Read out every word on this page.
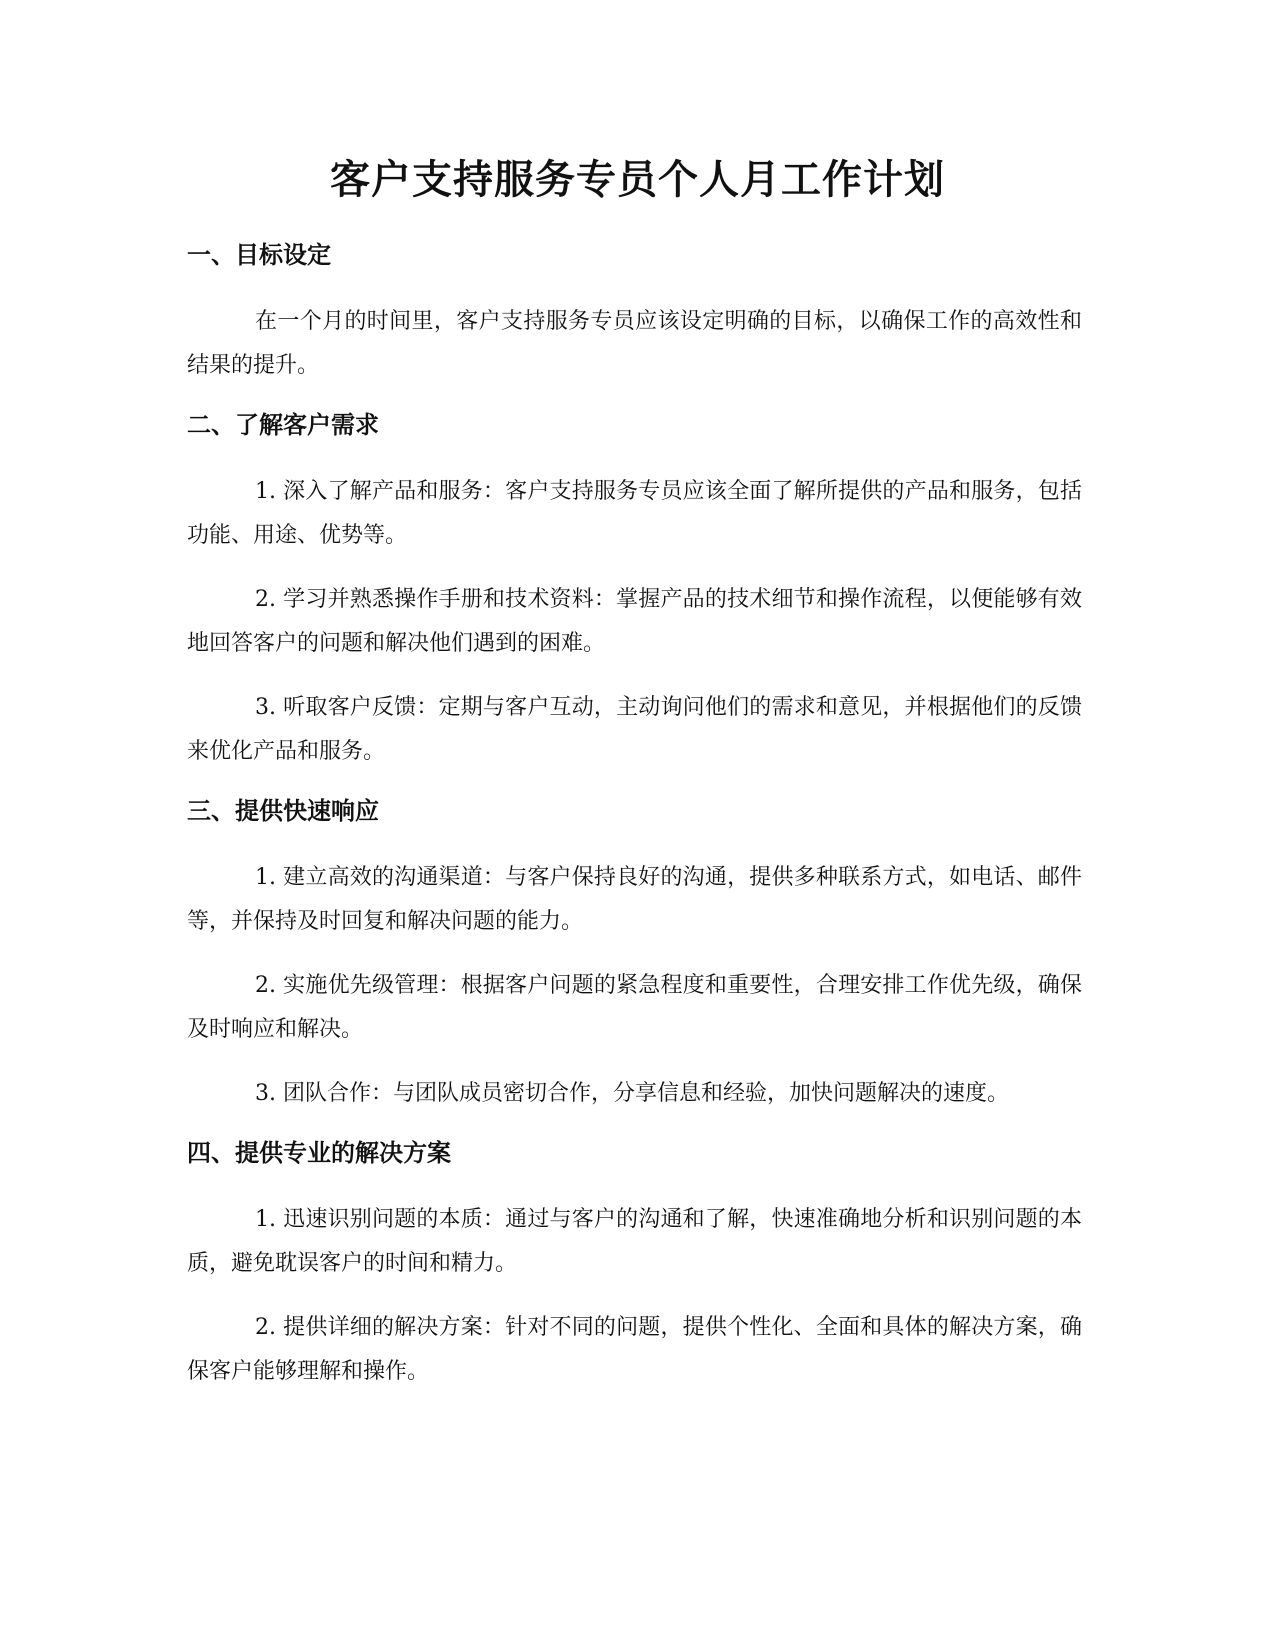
客户支持服务专员个人月工作计划
一、目标设定

在一个月的时间里，客户支持服务专员应该设定明确的目标，以确保工作的高效性和结果的提升。

二、了解客户需求

1. 深入了解产品和服务：客户支持服务专员应该全面了解所提供的产品和服务，包括功能、用途、优势等。

2. 学习并熟悉操作手册和技术资料：掌握产品的技术细节和操作流程，以便能够有效地回答客户的问题和解决他们遇到的困难。

3. 听取客户反馈：定期与客户互动，主动询问他们的需求和意见，并根据他们的反馈来优化产品和服务。

三、提供快速响应

1. 建立高效的沟通渠道：与客户保持良好的沟通，提供多种联系方式，如电话、邮件等，并保持及时回复和解决问题的能力。

2. 实施优先级管理：根据客户问题的紧急程度和重要性，合理安排工作优先级，确保及时响应和解决。

3. 团队合作：与团队成员密切合作，分享信息和经验，加快问题解决的速度。

四、提供专业的解决方案

1. 迅速识别问题的本质：通过与客户的沟通和了解，快速准确地分析和识别问题的本质，避免耽误客户的时间和精力。

2. 提供详细的解决方案：针对不同的问题，提供个性化、全面和具体的解决方案，确保客户能够理解和操作。
